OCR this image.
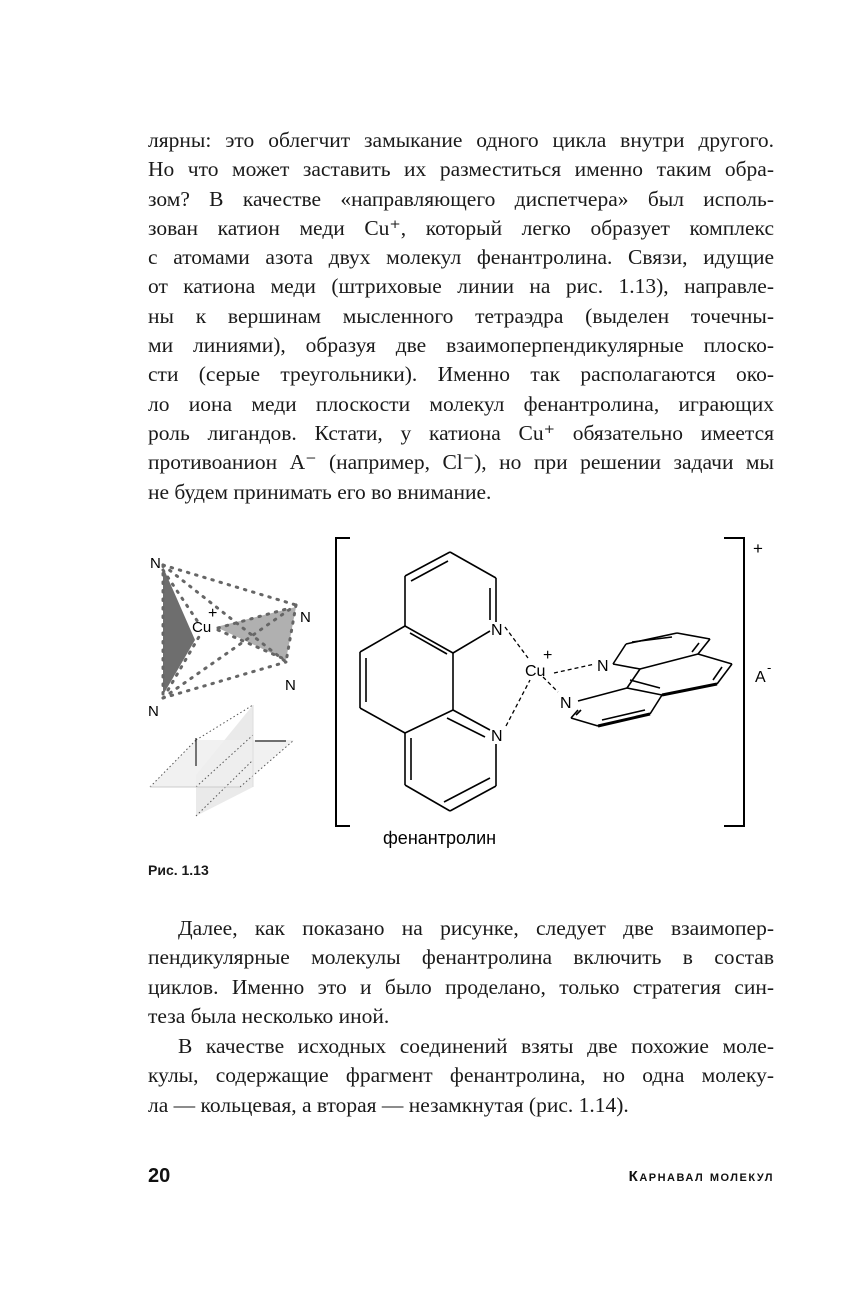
лярны: это облегчит замыкание одного цикла внутри другого.
Но что может заставить их разместиться именно таким обра-
зом? В качестве «направляющего диспетчера» был исполь-
зован катион меди Cu⁺, который легко образует комплекс
с атомами азота двух молекул фенантролина. Связи, идущие
от катиона меди (штриховые линии на рис. 1.13), направле-
ны к вершинам мысленного тетраэдра (выделен точечны-
ми линиями), образуя две взаимоперпендикулярные плоско-
сти (серые треугольники). Именно так располагаются око-
ло иона меди плоскости молекул фенантролина, играющих
роль лигандов. Кстати, у катиона Cu⁺ обязательно имеется
противоанион A⁻ (например, Cl⁻), но при решении задачи мы
не будем принимать его во внимание.
N
N
N
N
Cu
+
N
N
Cu
+
N
N
+
A
-
фенантролин
Рис. 1.13
Далее, как показано на рисунке, следует две взаимопер-
пендикулярные молекулы фенантролина включить в состав
циклов. Именно это и было проделано, только стратегия син-
теза была несколько иной.
В качестве исходных соединений взяты две похожие моле-
кулы, содержащие фрагмент фенантролина, но одна молеку-
ла — кольцевая, а вторая — незамкнутая (рис. 1.14).
20	Карнавал молекул
